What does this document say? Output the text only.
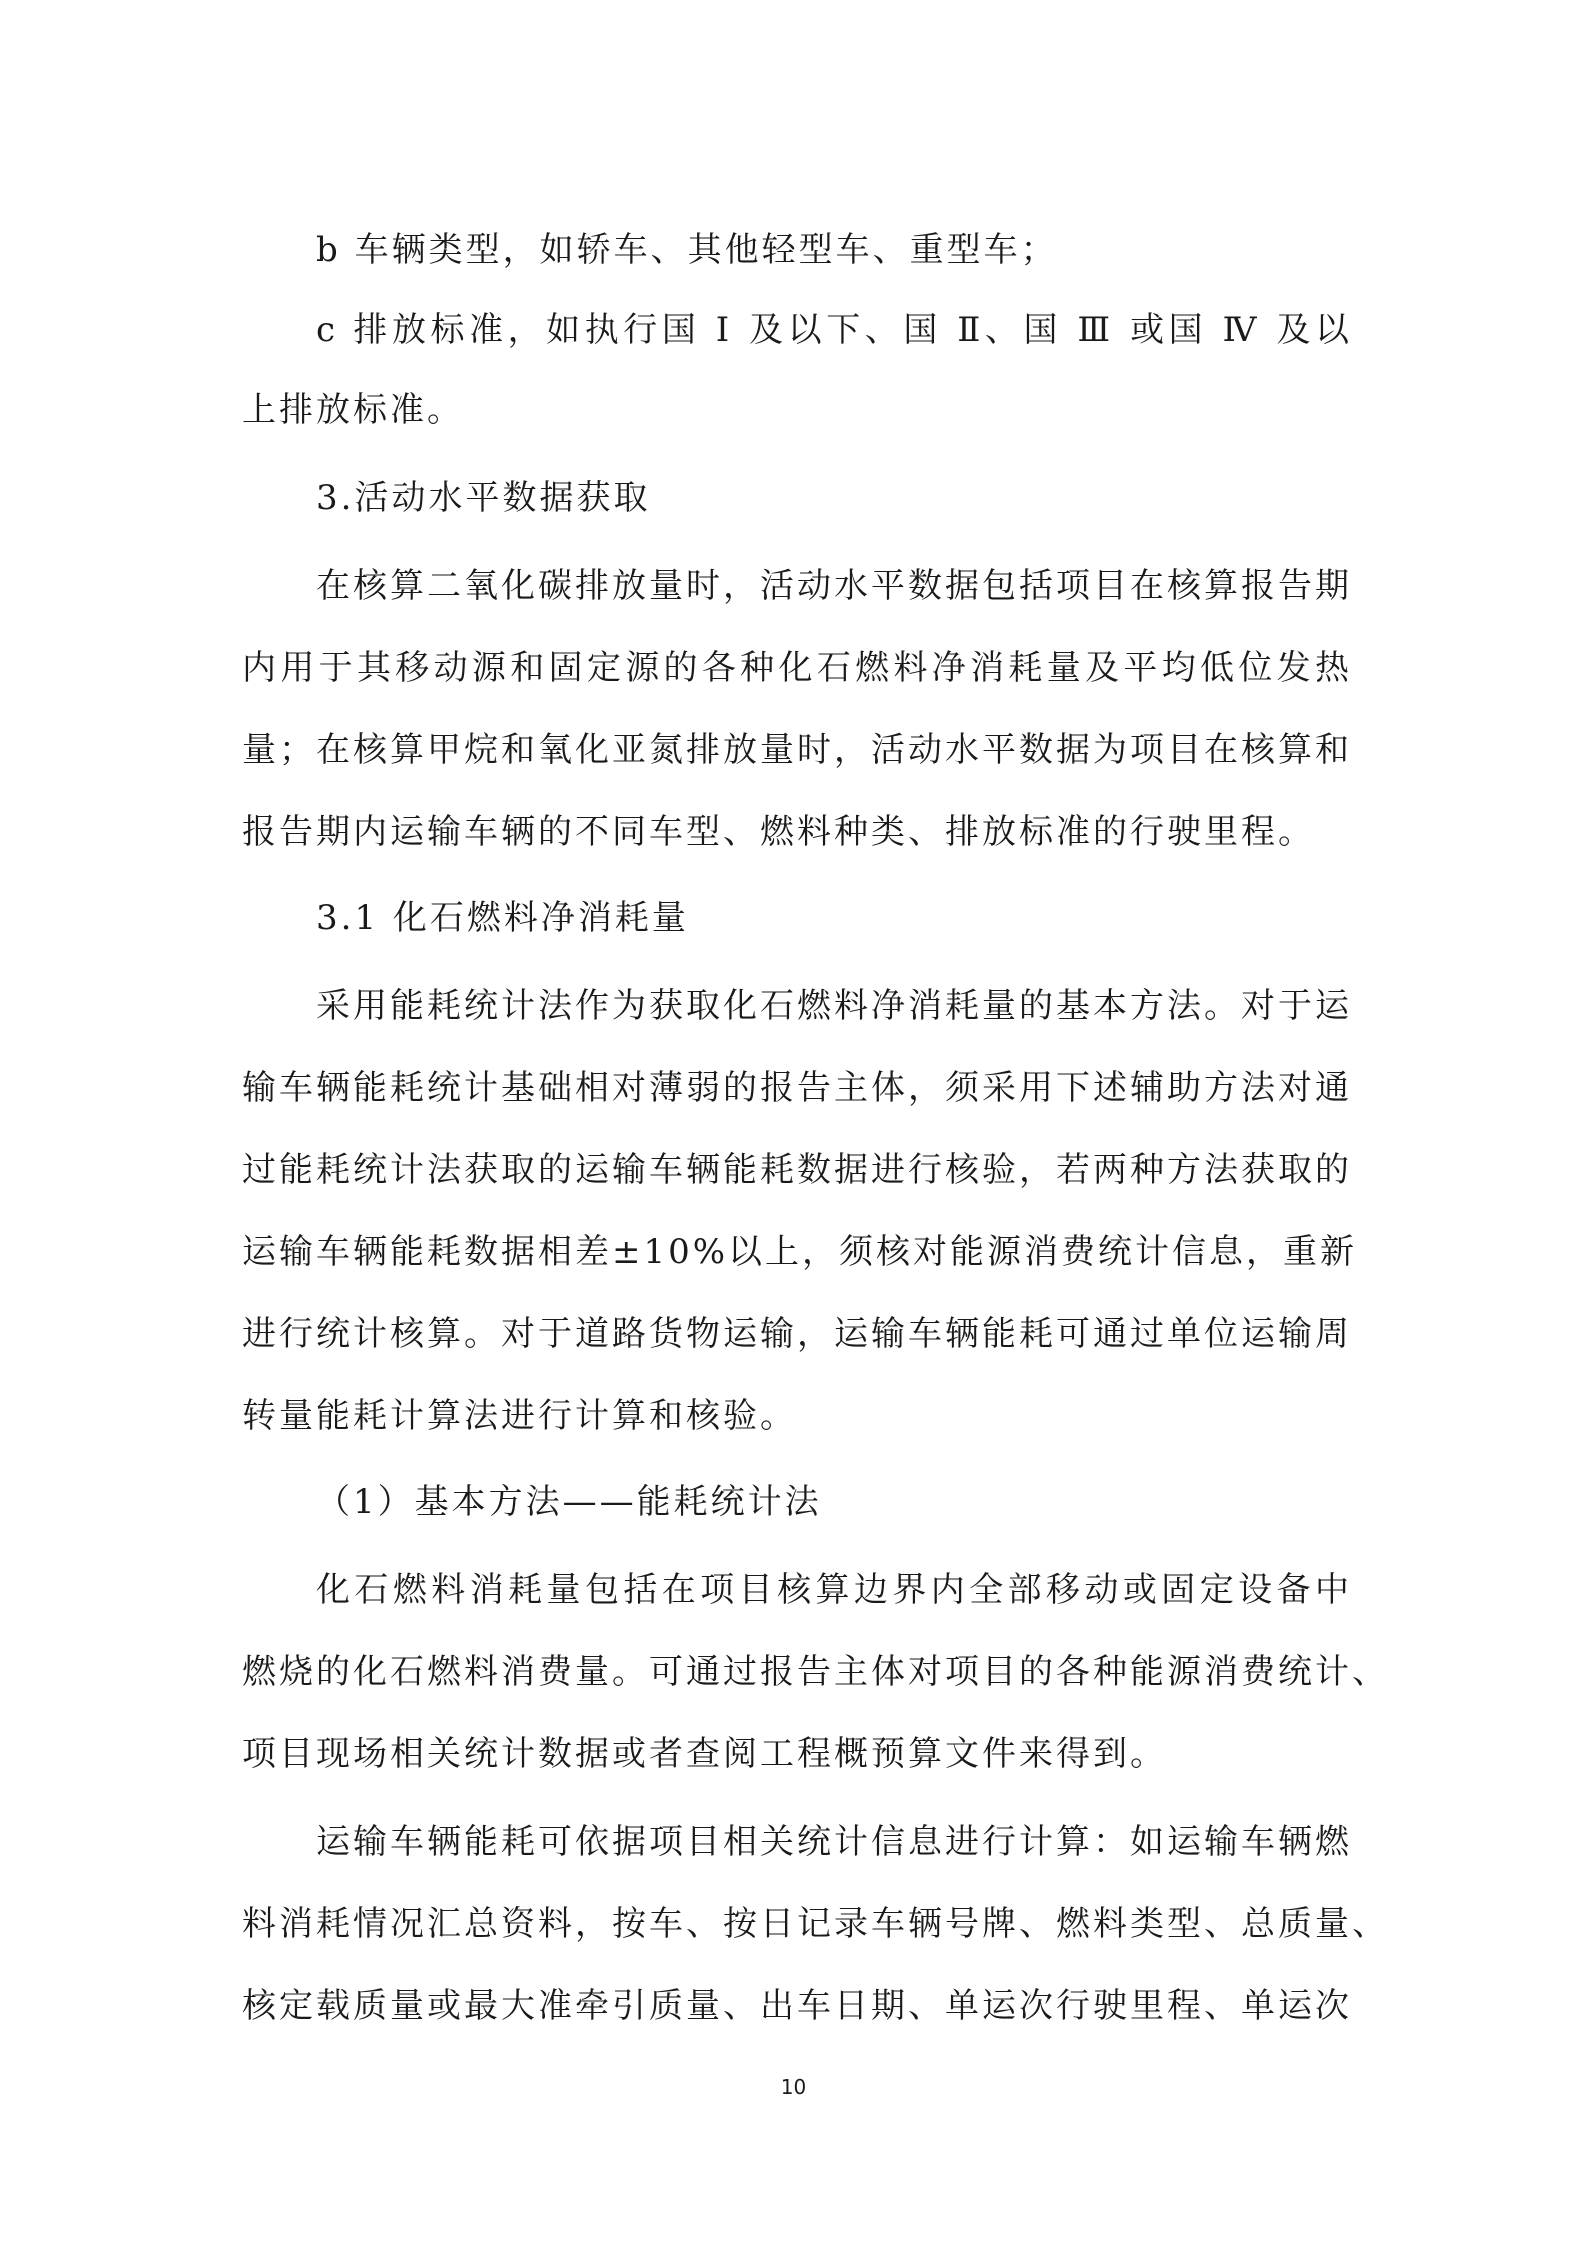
b 车辆类型，如轿车、其他轻型车、重型车；
c 排放标准，如执行国 Ⅰ 及以下、国 Ⅱ、国 Ⅲ 或国 Ⅳ 及以
上排放标准。
3.活动水平数据获取
在核算二氧化碳排放量时，活动水平数据包括项目在核算报告期
内用于其移动源和固定源的各种化石燃料净消耗量及平均低位发热
量；在核算甲烷和氧化亚氮排放量时，活动水平数据为项目在核算和
报告期内运输车辆的不同车型、燃料种类、排放标准的行驶里程。
3.1 化石燃料净消耗量
采用能耗统计法作为获取化石燃料净消耗量的基本方法。对于运
输车辆能耗统计基础相对薄弱的报告主体，须采用下述辅助方法对通
过能耗统计法获取的运输车辆能耗数据进行核验，若两种方法获取的
运输车辆能耗数据相差±10%以上，须核对能源消费统计信息，重新
进行统计核算。对于道路货物运输，运输车辆能耗可通过单位运输周
转量能耗计算法进行计算和核验。
（1）基本方法——能耗统计法
化石燃料消耗量包括在项目核算边界内全部移动或固定设备中
燃烧的化石燃料消费量。可通过报告主体对项目的各种能源消费统计、
项目现场相关统计数据或者查阅工程概预算文件来得到。
运输车辆能耗可依据项目相关统计信息进行计算：如运输车辆燃
料消耗情况汇总资料，按车、按日记录车辆号牌、燃料类型、总质量、
核定载质量或最大准牵引质量、出车日期、单运次行驶里程、单运次
10
